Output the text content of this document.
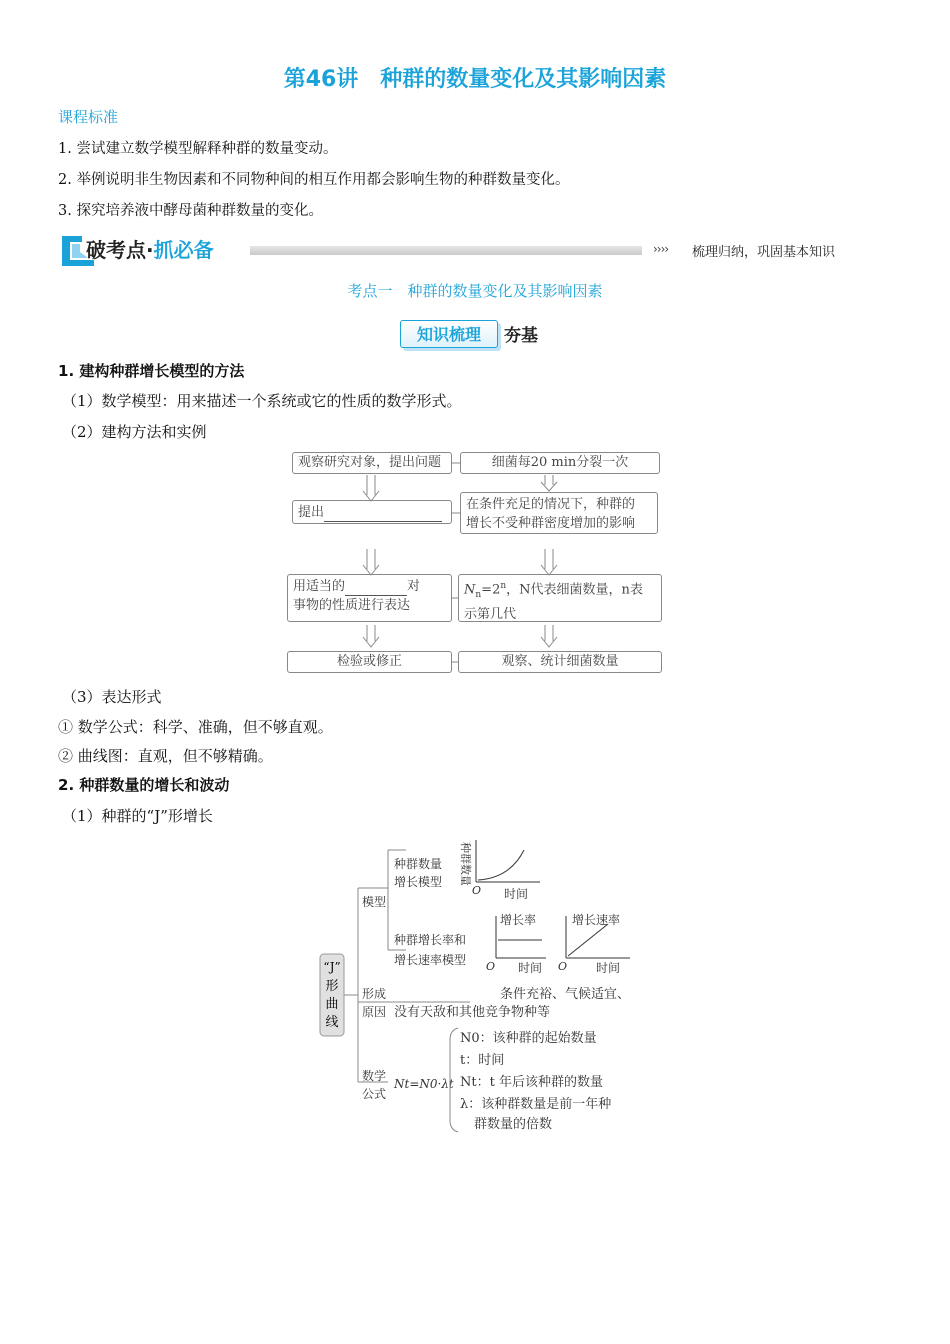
第46讲　种群的数量变化及其影响因素
课程标准
1. 尝试建立数学模型解释种群的数量变动。
2. 举例说明非生物因素和不同物种间的相互作用都会影响生物的种群数量变化。
3. 探究培养液中酵母菌种群数量的变化。
破考点·抓必备	›››› 梳理归纳，巩固基本知识
考点一　种群的数量变化及其影响因素
知识梳理	夯基
1. 建构种群增长模型的方法
（1）数学模型：用来描述一个系统或它的性质的数学形式。
（2）建构方法和实例
观察研究对象，提出问题
提出
用适当的	对
事物的性质进行表达
检验或修正
细菌每20 min分裂一次
在条件充足的情况下，种群的
增长不受种群密度增加的影响
$N_n=2^n$，N代表细菌数量，n表
示第几代
观察、统计细菌数量
（3）表达形式
① 数学公式：科学、准确，但不够直观。
② 曲线图：直观，但不够精确。
2. 种群数量的增长和波动
（1）种群的“J”形增长
“J”
形
曲
线
模型
种群数量
增长模型 种群数量
O 时间
种群增长率和
增长速率模型
增长率
O 时间
增长速率
O 时间
形成
原因
条件充裕、气候适宜、
没有天敌和其他竞争物种等
数学
公式
Nt=N0·λt
N0：该种群的起始数量
t：时间
Nt：t 年后该种群的数量
λ：该种群数量是前一年种
群数量的倍数
